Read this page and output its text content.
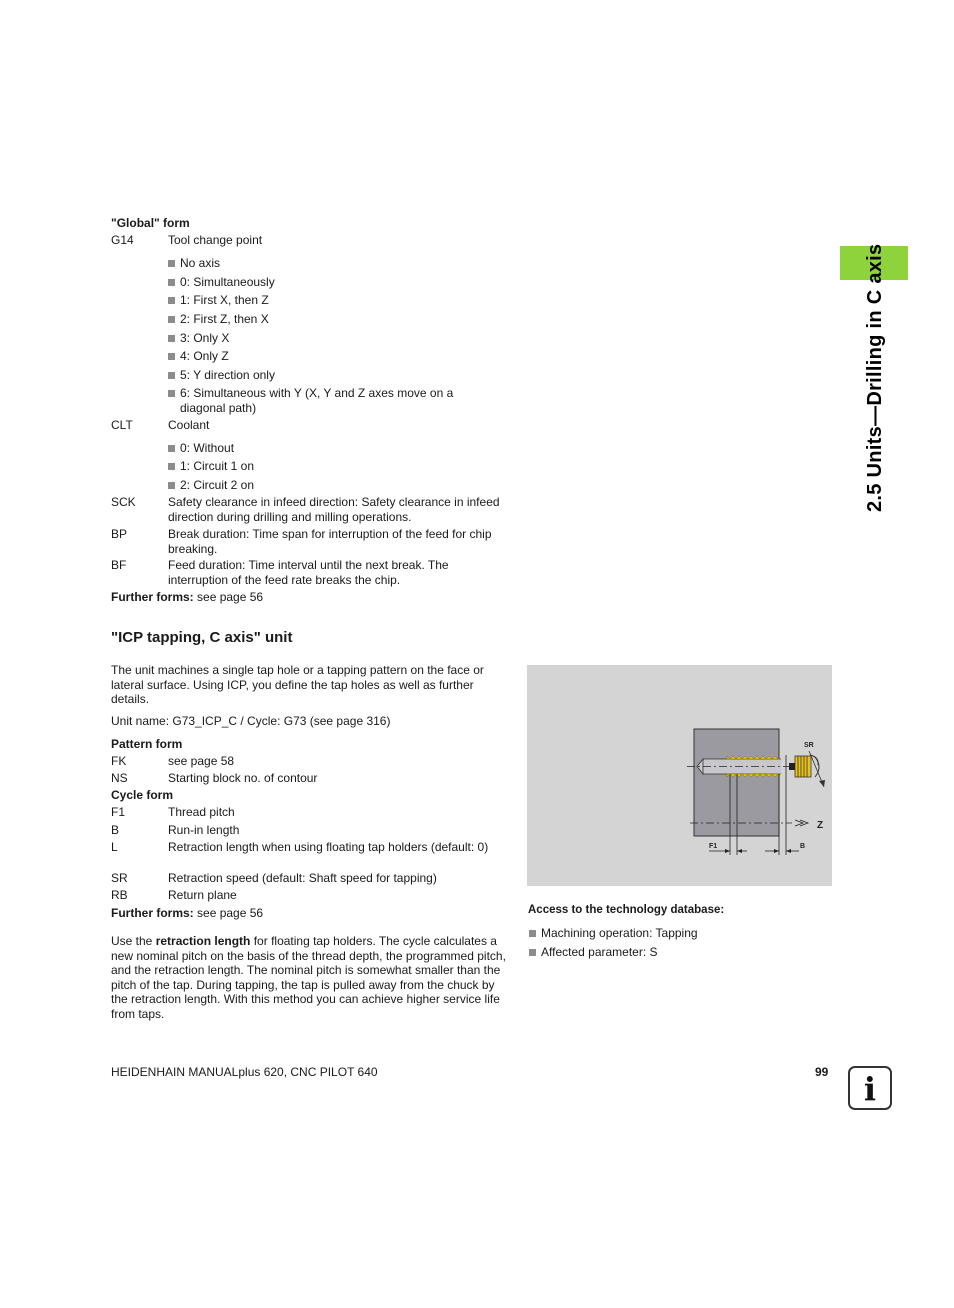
2.5 Units—Drilling in C axis
"Global" form
G14	Tool change point
No axis
0: Simultaneously
1: First X, then Z
2: First Z, then X
3: Only X
4: Only Z
5: Y direction only
6: Simultaneous with Y (X, Y and Z axes move on a diagonal path)
CLT	Coolant
0: Without
1: Circuit 1 on
2: Circuit 2 on
SCK	Safety clearance in infeed direction: Safety clearance in infeed direction during drilling and milling operations.
BP	Break duration: Time span for interruption of the feed for chip breaking.
BF	Feed duration: Time interval until the next break. The interruption of the feed rate breaks the chip.
Further forms: see page 56
"ICP tapping, C axis" unit
The unit machines a single tap hole or a tapping pattern on the face or lateral surface. Using ICP, you define the tap holes as well as further details.
Unit name: G73_ICP_C / Cycle: G73 (see page 316)
Pattern form
FK	see page 58
NS	Starting block no. of contour
Cycle form
F1	Thread pitch
B	Run-in length
L	Retraction length when using floating tap holders (default: 0)
SR	Retraction speed (default: Shaft speed for tapping)
RB	Return plane
Further forms: see page 56
Use the retraction length for floating tap holders. The cycle calculates a new nominal pitch on the basis of the thread depth, the programmed pitch, and the retraction length. The nominal pitch is somewhat smaller than the pitch of the tap. During tapping, the tap is pulled away from the chuck by the retraction length. With this method you can achieve higher service life from taps.
SR
Z
F1	B
Access to the technology database:
Machining operation: Tapping
Affected parameter: S
HEIDENHAIN MANUALplus 620, CNC PILOT 640	99	i
